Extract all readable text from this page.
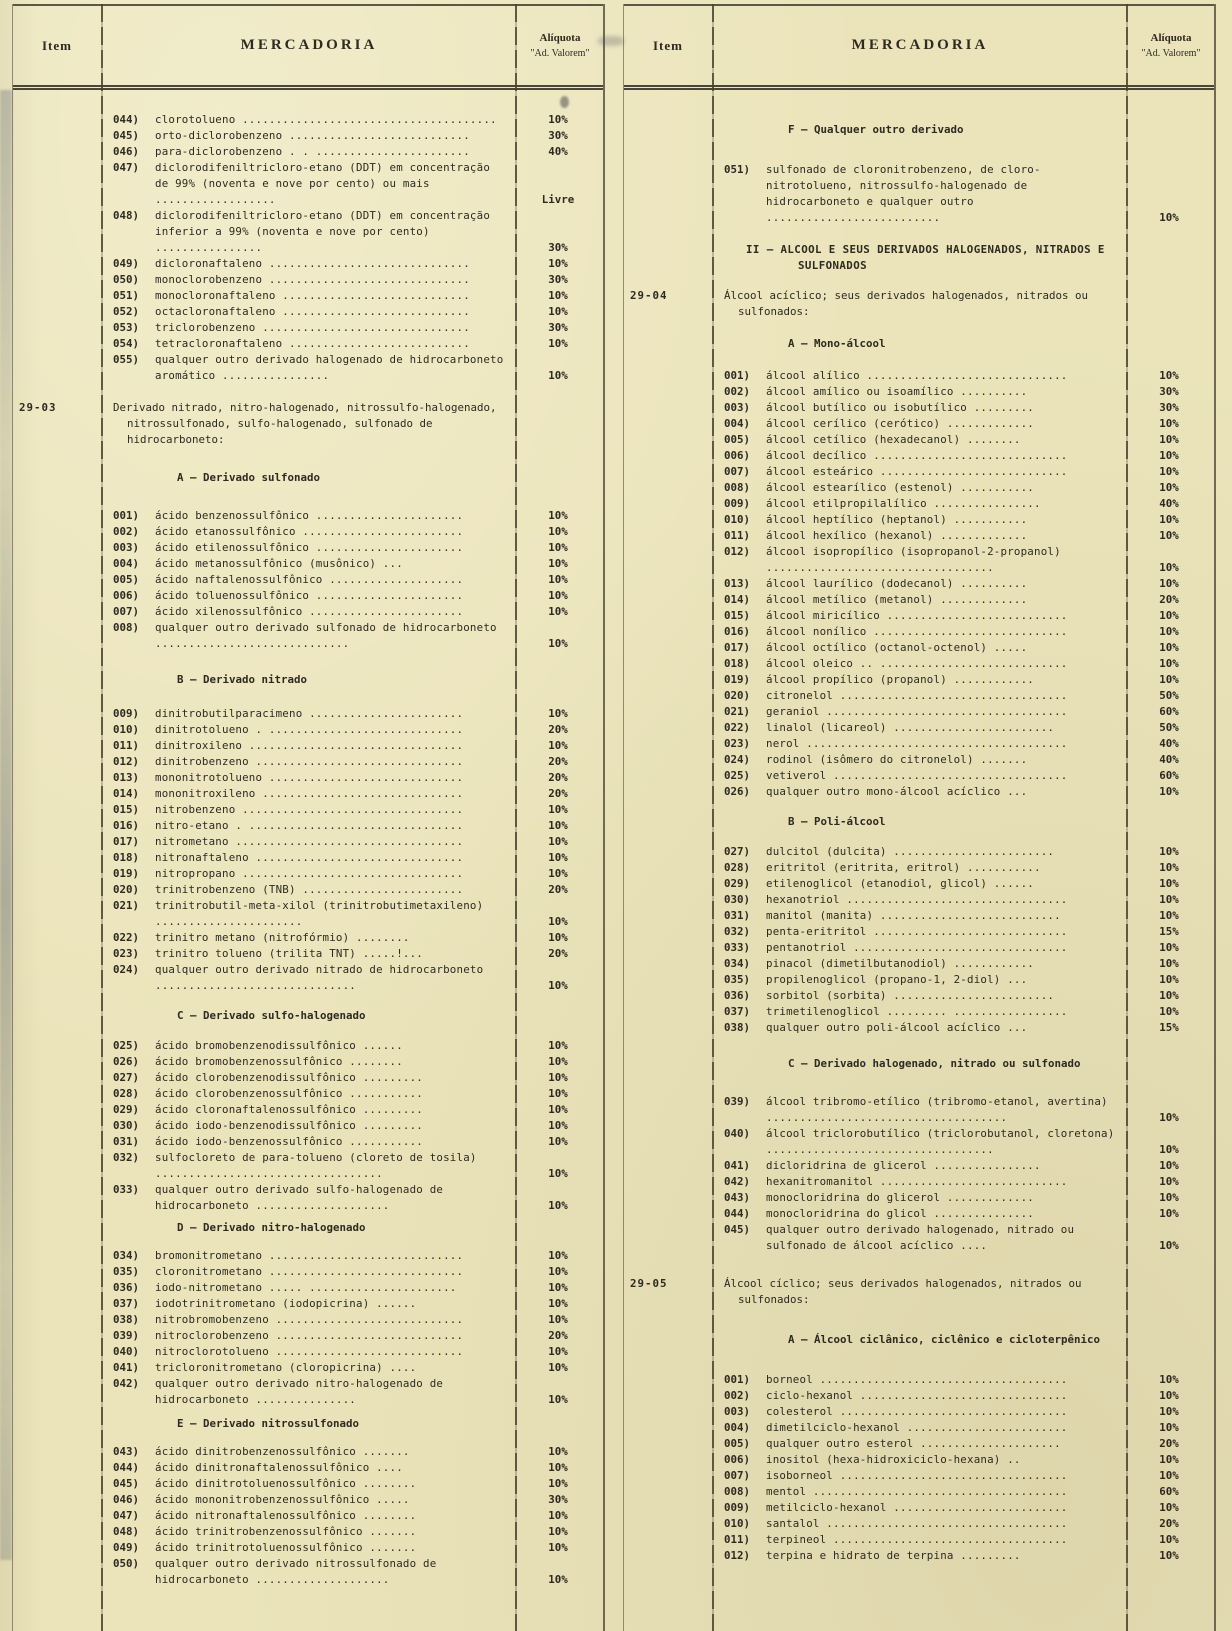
Item	MERCADORIA	Alíquota
"Ad. Valorem"
044)	clorotolueno ......................................	10%
045)	orto-diclorobenzeno ...........................	30%
046)	para-diclorobenzeno . . .......................	40%
047)	diclorodifeniltricloro-etano (DDT) em concentração de 99% (noventa e nove por cento) ou mais ..................	Livre
048)	diclorodifeniltricloro-etano (DDT) em concentração inferior a 99% (noventa e nove por cento) ................	30%
049)	dicloronaftaleno ..............................	10%
050)	monoclorobenzeno ..............................	30%
051)	monocloronaftaleno ............................	10%
052)	octacloronaftaleno ............................	10%
053)	triclorobenzeno ...............................	30%
054)	tetracloronaftaleno ...........................	10%
055)	qualquer outro derivado halogenado de hidrocarboneto aromático ................	10%
29-03	Derivado nitrado, nitro-halogenado, nitrossulfo-halogenado, nitrossulfonado, sulfo-halogenado, sulfonado de hidrocarboneto:
A — Derivado sulfonado
001)	ácido benzenossulfônico ......................	10%
002)	ácido etanossulfônico ........................	10%
003)	ácido etilenossulfônico ......................	10%
004)	ácido metanossulfônico (musônico) ...	10%
005)	ácido naftalenossulfônico ....................	10%
006)	ácido toluenossulfônico ......................	10%
007)	ácido xilenossulfônico .......................	10%
008)	qualquer outro derivado sulfonado de hidrocarboneto .............................	10%
B — Derivado nitrado
009)	dinitrobutilparacimeno .......................	10%
010)	dinitrotolueno . .............................	20%
011)	dinitroxileno ................................	10%
012)	dinitrobenzeno ...............................	20%
013)	mononitrotolueno .............................	20%
014)	mononitroxileno ..............................	20%
015)	nitrobenzeno .................................	10%
016)	nitro-etano . ................................	10%
017)	nitrometano ..................................	10%
018)	nitronaftaleno ...............................	10%
019)	nitropropano .................................	10%
020)	trinitrobenzeno (TNB) ........................	20%
021)	trinitrobutil-meta-xilol (trinitrobutimetaxileno) ......................	10%
022)	trinitro metano (nitrofórmio) ........	10%
023)	trinitro tolueno (trilita TNT) .....!...	20%
024)	qualquer outro derivado nitrado de hidrocarboneto ..............................	10%
C — Derivado sulfo-halogenado
025)	ácido bromobenzenodissulfônico ......	10%
026)	ácido bromobenzenossulfônico ........	10%
027)	ácido clorobenzenodissulfônico .........	10%
028)	ácido clorobenzenossulfônico ...........	10%
029)	ácido cloronaftalenossulfônico .........	10%
030)	ácido iodo-benzenodissulfônico .........	10%
031)	ácido iodo-benzenossulfônico ...........	10%
032)	sulfocloreto de para-tolueno (cloreto de tosila) ..................................	10%
033)	qualquer outro derivado sulfo-halogenado de hidrocarboneto ....................	10%
D — Derivado nitro-halogenado
034)	bromonitrometano .............................	10%
035)	cloronitrometano .............................	10%
036)	iodo-nitrometano ..... ......................	10%
037)	iodotrinitrometano (iodopicrina) ......	10%
038)	nitrobromobenzeno ............................	10%
039)	nitroclorobenzeno ............................	20%
040)	nitroclorotolueno ............................	10%
041)	tricloronitrometano (cloropicrina) ....	10%
042)	qualquer outro derivado nitro-halogenado de hidrocarboneto ...............	10%
E — Derivado nitrossulfonado
043)	ácido dinitrobenzenossulfônico .......	10%
044)	ácido dinitronaftalenossulfônico ....	10%
045)	ácido dinitrotoluenossulfônico ........	10%
046)	ácido mononitrobenzenossulfônico .....	30%
047)	ácido nitronaftalenossulfônico ........	10%
048)	ácido trinitrobenzenossulfônico .......	10%
049)	ácido trinitrotoluenossulfônico .......	10%
050)	qualquer outro derivado nitrossulfonado de hidrocarboneto ....................	10%
Item	MERCADORIA	Alíquota
"Ad. Valorem"
F — Qualquer outro derivado
051)	sulfonado de cloronitrobenzeno, de cloro-nitrotolueno, nitrossulfo-halogenado de hidrocarboneto e qualquer outro ..........................	10%
II — ALCOOL E SEUS DERIVADOS HALOGENADOS, NITRADOS E SULFONADOS
29-04	Álcool acíclico; seus derivados halogenados, nitrados ou sulfonados:
A — Mono-álcool
001)	álcool alílico ..............................	10%
002)	álcool amílico ou isoamílico ..........	30%
003)	álcool butílico ou isobutílico .........	30%
004)	álcool cerílico (cerótico) .............	10%
005)	álcool cetílico (hexadecanol) ........	10%
006)	álcool decílico .............................	10%
007)	álcool esteárico ............................	10%
008)	álcool estearílico (estenol) ...........	10%
009)	álcool etilpropilalílico ................	40%
010)	álcool heptílico (heptanol) ...........	10%
011)	álcool hexílico (hexanol) .............	10%
012)	álcool isopropílico (isopropanol-2-propanol) ..................................	10%
013)	álcool laurílico (dodecanol) ..........	10%
014)	álcool metílico (metanol) .............	20%
015)	álcool miricílico ...........................	10%
016)	álcool nonílico .............................	10%
017)	álcool octílico (octanol-octenol) .....	10%
018)	álcool oleico .. ............................	10%
019)	álcool propílico (propanol) ............	10%
020)	citronelol ..................................	50%
021)	geraniol ....................................	60%
022)	linalol (licareol) ........................	50%
023)	nerol .......................................	40%
024)	rodinol (isômero do citronelol) .......	40%
025)	vetiverol ...................................	60%
026)	qualquer outro mono-álcool acíclico ...	10%
B — Poli-álcool
027)	dulcitol (dulcita) ........................	10%
028)	eritritol (eritrita, eritrol) ...........	10%
029)	etilenoglicol (etanodiol, glicol) ......	10%
030)	hexanotriol .................................	10%
031)	manitol (manita) ...........................	10%
032)	penta-eritritol .............................	15%
033)	pentanotriol ................................	10%
034)	pinacol (dimetilbutanodiol) ............	10%
035)	propilenoglicol (propano-1, 2-diol) ...	10%
036)	sorbitol (sorbita) ........................	10%
037)	trimetilenoglicol ......... .................	10%
038)	qualquer outro poli-álcool acíclico ...	15%
C — Derivado halogenado, nitrado ou sulfonado
039)	álcool tribromo-etílico (tribromo-etanol, avertina) ....................................	10%
040)	álcool triclorobutílico (triclorobutanol, cloretona) ..................................	10%
041)	dicloridrina de glicerol ................	10%
042)	hexanitromanitol ............................	10%
043)	monocloridrina do glicerol .............	10%
044)	monocloridrina do glicol ...............	10%
045)	qualquer outro derivado halogenado, nitrado ou sulfonado de álcool acíclico ....	10%
29-05	Álcool cíclico; seus derivados halogenados, nitrados ou sulfonados:
A — Álcool ciclânico, ciclênico e cicloterpênico
001)	borneol .....................................	10%
002)	ciclo-hexanol ...............................	10%
003)	colesterol ..................................	10%
004)	dimetilciclo-hexanol ........................	10%
005)	qualquer outro esterol .....................	20%
006)	inositol (hexa-hidroxiciclo-hexana) ..	10%
007)	isoborneol ..................................	10%
008)	mentol ......................................	60%
009)	metilciclo-hexanol ..........................	10%
010)	santalol ....................................	20%
011)	terpineol ...................................	10%
012)	terpina e hidrato de terpina .........	10%
